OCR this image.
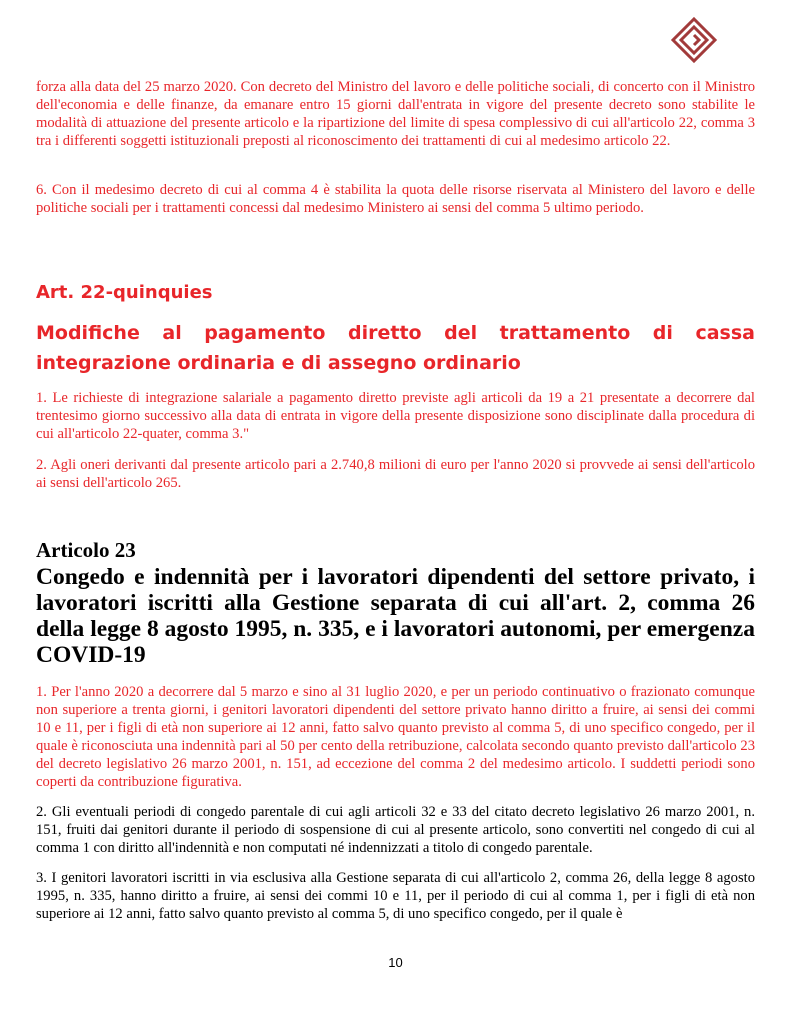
forza alla data del 25 marzo 2020. Con decreto del Ministro del lavoro e delle politiche sociali, di concerto con il Ministro dell'economia e delle finanze, da emanare entro 15 giorni dall'entrata in vigore del presente decreto sono stabilite le modalità di attuazione del presente articolo e la ripartizione del limite di spesa complessivo di cui all'articolo 22, comma 3 tra i differenti soggetti istituzionali preposti al riconoscimento dei trattamenti di cui al medesimo articolo 22.

6. Con il medesimo decreto di cui al comma 4 è stabilita la quota delle risorse riservata al Ministero del lavoro e delle politiche sociali per i trattamenti concessi dal medesimo Ministero ai sensi del comma 5 ultimo periodo.

Art. 22-quinquies
Modifiche al pagamento diretto del trattamento di cassa integrazione ordinaria e di assegno ordinario

1. Le richieste di integrazione salariale a pagamento diretto previste agli articoli da 19 a 21 presentate a decorrere dal trentesimo giorno successivo alla data di entrata in vigore della presente disposizione sono disciplinate dalla procedura di cui all'articolo 22-quater, comma 3."

2. Agli oneri derivanti dal presente articolo pari a 2.740,8 milioni di euro per l'anno 2020 si provvede ai sensi dell'articolo ai sensi dell'articolo 265.

Articolo 23
Congedo e indennità per i lavoratori dipendenti del settore privato, i lavoratori iscritti alla Gestione separata di cui all'art. 2, comma 26 della legge 8 agosto 1995, n. 335, e i lavoratori autonomi, per emergenza COVID-19

1. Per l'anno 2020 a decorrere dal 5 marzo e sino al 31 luglio 2020, e per un periodo continuativo o frazionato comunque non superiore a trenta giorni, i genitori lavoratori dipendenti del settore privato hanno diritto a fruire, ai sensi dei commi 10 e 11, per i figli di età non superiore ai 12 anni, fatto salvo quanto previsto al comma 5, di uno specifico congedo, per il quale è riconosciuta una indennità pari al 50 per cento della retribuzione, calcolata secondo quanto previsto dall'articolo 23 del decreto legislativo 26 marzo 2001, n. 151, ad eccezione del comma 2 del medesimo articolo. I suddetti periodi sono coperti da contribuzione figurativa.

2. Gli eventuali periodi di congedo parentale di cui agli articoli 32 e 33 del citato decreto legislativo 26 marzo 2001, n. 151, fruiti dai genitori durante il periodo di sospensione di cui al presente articolo, sono convertiti nel congedo di cui al comma 1 con diritto all'indennità e non computati né indennizzati a titolo di congedo parentale.

3. I genitori lavoratori iscritti in via esclusiva alla Gestione separata di cui all'articolo 2, comma 26, della legge 8 agosto 1995, n. 335, hanno diritto a fruire, ai sensi dei commi 10 e 11, per il periodo di cui al comma 1, per i figli di età non superiore ai 12 anni, fatto salvo quanto previsto al comma 5, di uno specifico congedo, per il quale è

10
